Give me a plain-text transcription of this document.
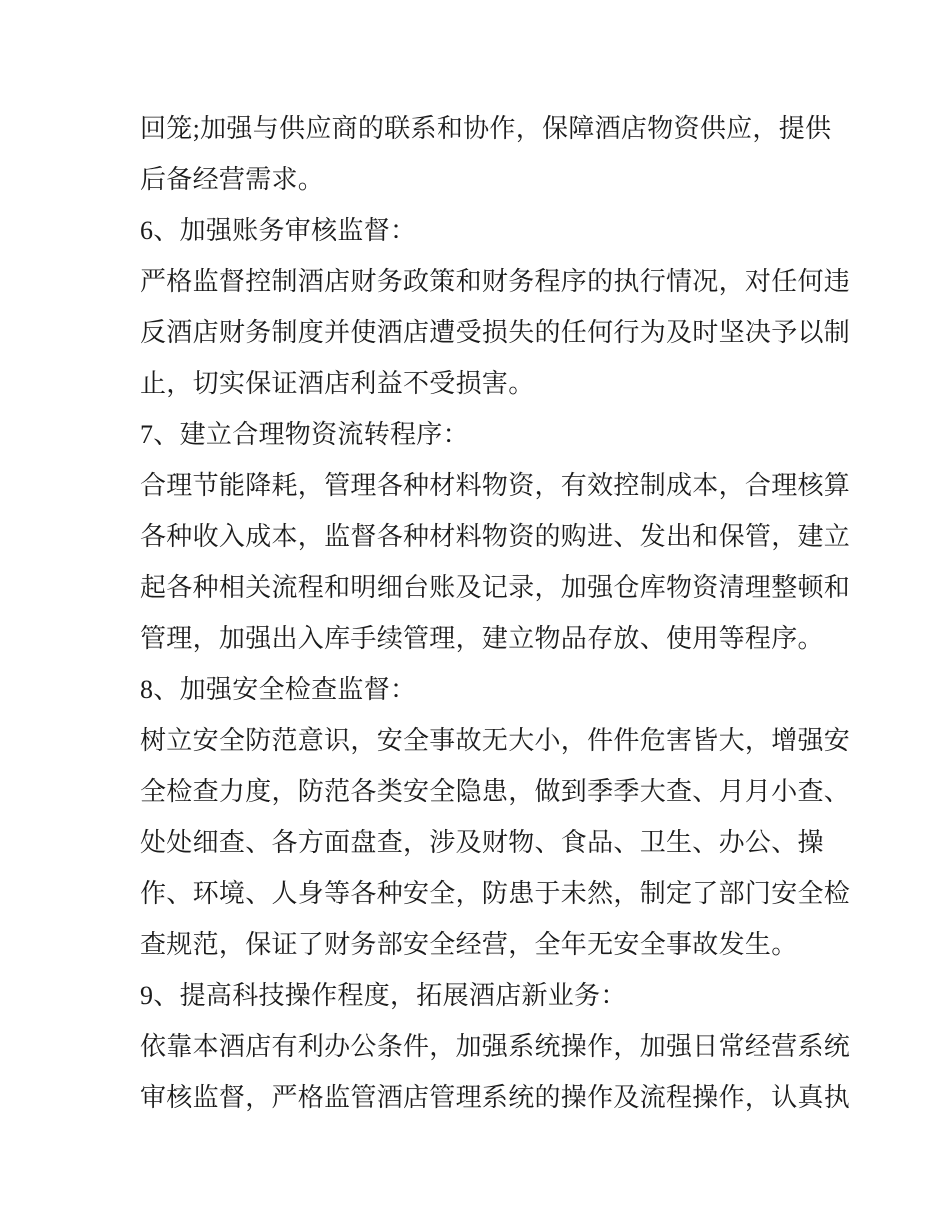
回笼;加强与供应商的联系和协作，保障酒店物资供应，提供
后备经营需求。
6、加强账务审核监督：
严格监督控制酒店财务政策和财务程序的执行情况，对任何违
反酒店财务制度并使酒店遭受损失的任何行为及时坚决予以制
止，切实保证酒店利益不受损害。
7、建立合理物资流转程序：
合理节能降耗，管理各种材料物资，有效控制成本，合理核算
各种收入成本，监督各种材料物资的购进、发出和保管，建立
起各种相关流程和明细台账及记录，加强仓库物资清理整顿和
管理，加强出入库手续管理，建立物品存放、使用等程序。
8、加强安全检查监督：
树立安全防范意识，安全事故无大小，件件危害皆大，增强安
全检查力度，防范各类安全隐患，做到季季大查、月月小查、
处处细查、各方面盘查，涉及财物、食品、卫生、办公、操
作、环境、人身等各种安全，防患于未然，制定了部门安全检
查规范，保证了财务部安全经营，全年无安全事故发生。
9、提高科技操作程度，拓展酒店新业务：
依靠本酒店有利办公条件，加强系统操作，加强日常经营系统
审核监督，严格监管酒店管理系统的操作及流程操作，认真执
